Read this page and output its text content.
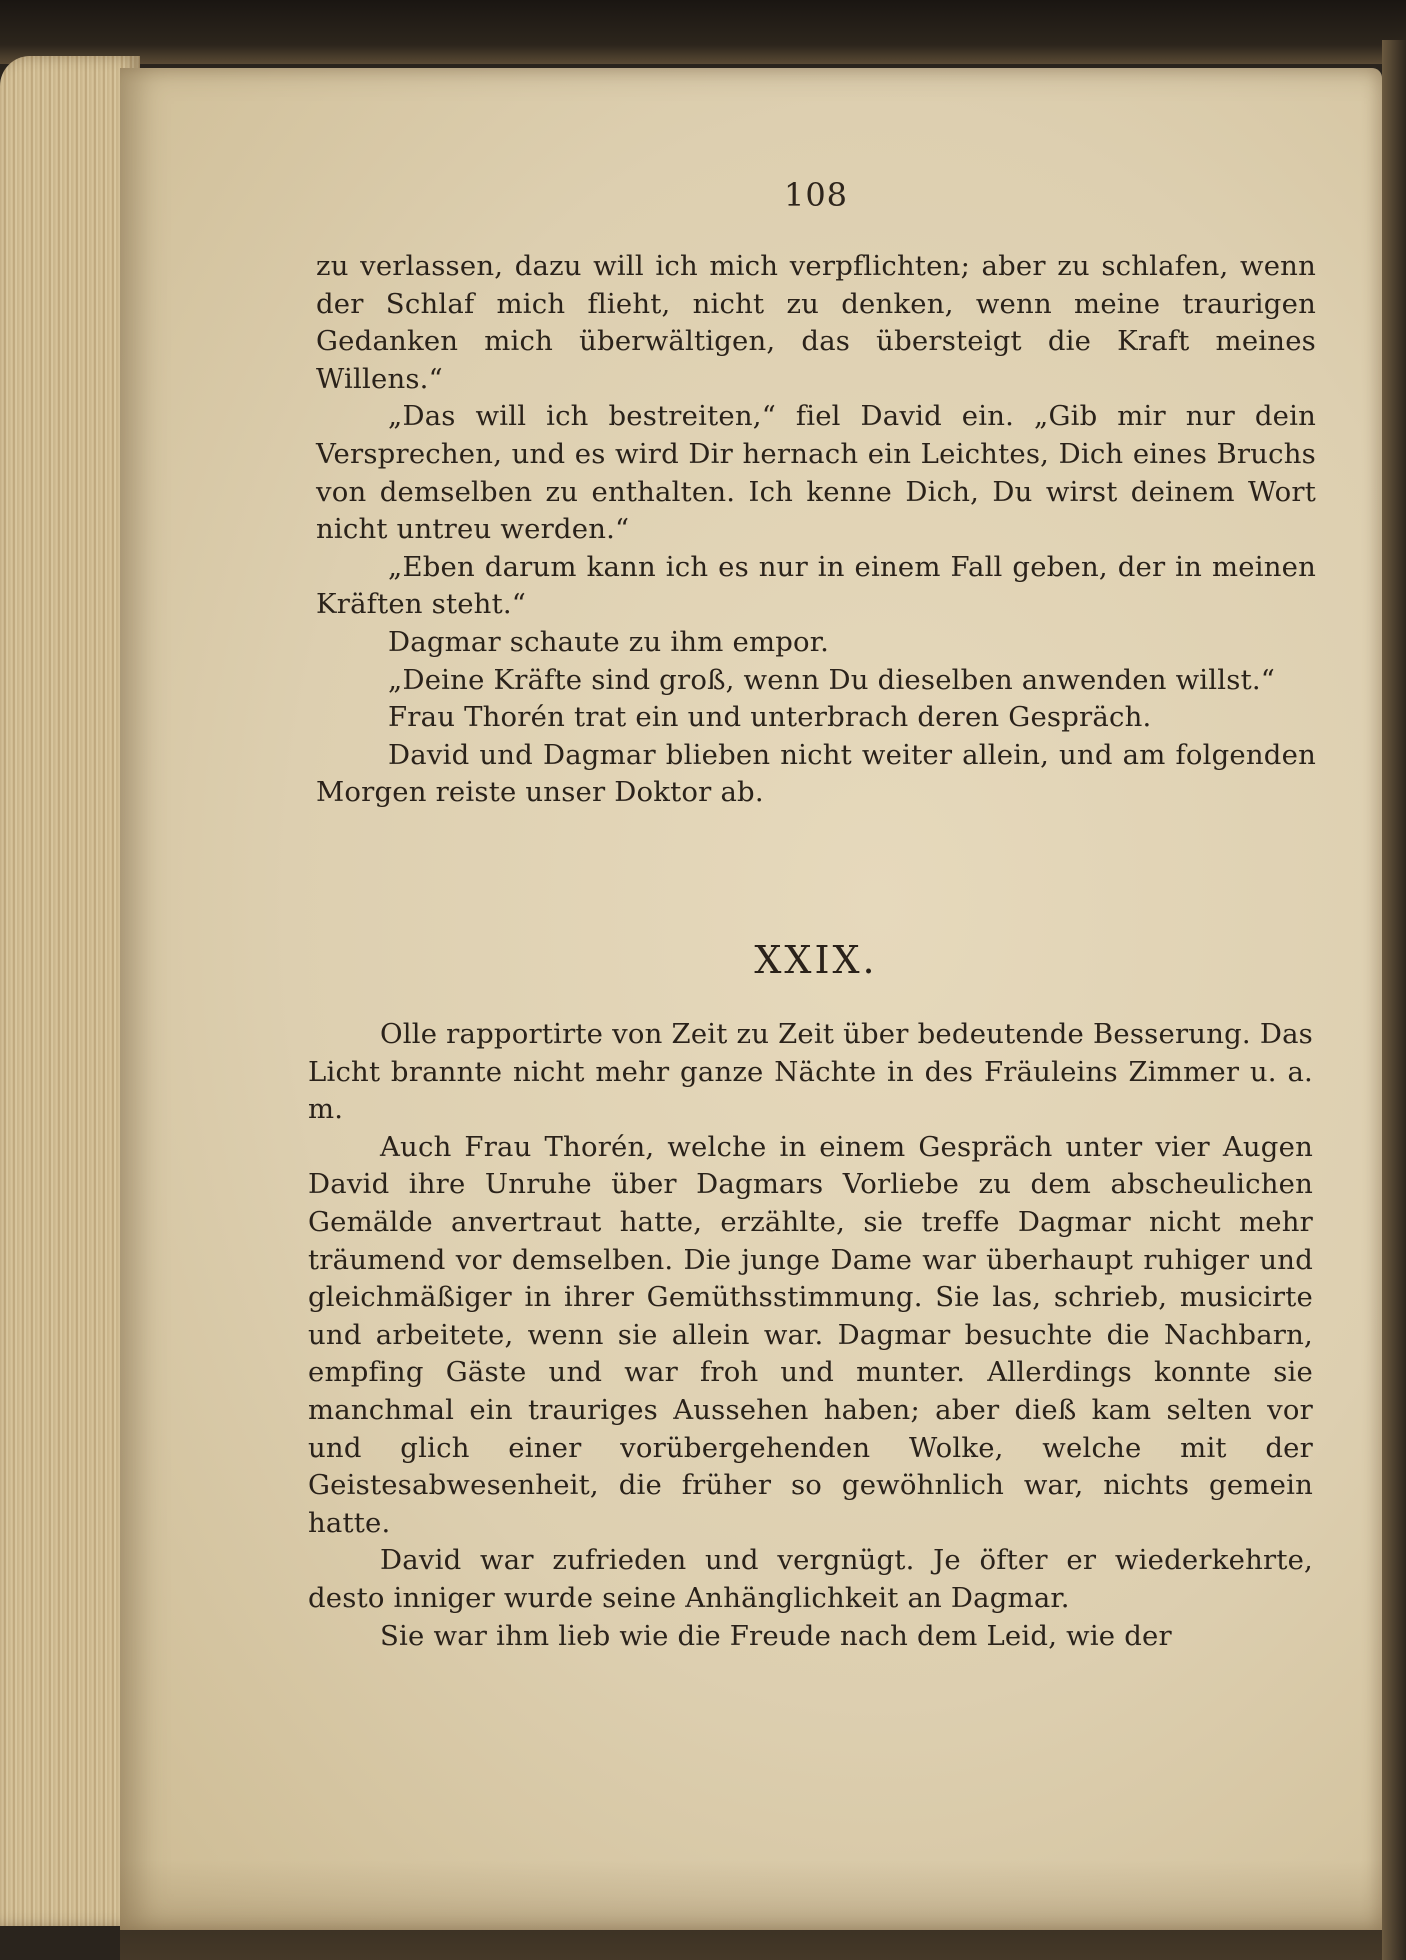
108

zu verlassen, dazu will ich mich verpflichten; aber zu schlafen, wenn der Schlaf mich flieht, nicht zu denken, wenn meine traurigen Gedanken mich überwältigen, das übersteigt die Kraft meines Willens.“

„Das will ich bestreiten,“ fiel David ein. „Gib mir nur dein Versprechen, und es wird Dir hernach ein Leichtes, Dich eines Bruchs von demselben zu enthalten. Ich kenne Dich, Du wirst deinem Wort nicht untreu werden.“

„Eben darum kann ich es nur in einem Fall geben, der in meinen Kräften steht.“

Dagmar schaute zu ihm empor.

„Deine Kräfte sind groß, wenn Du dieselben anwenden willst.“

Frau Thorén trat ein und unterbrach deren Gespräch.

David und Dagmar blieben nicht weiter allein, und am folgenden Morgen reiste unser Doktor ab.

XXIX.

Olle rapportirte von Zeit zu Zeit über bedeutende Besserung. Das Licht brannte nicht mehr ganze Nächte in des Fräuleins Zimmer u. a. m.

Auch Frau Thorén, welche in einem Gespräch unter vier Augen David ihre Unruhe über Dagmars Vorliebe zu dem abscheulichen Gemälde anvertraut hatte, erzählte, sie treffe Dagmar nicht mehr träumend vor demselben. Die junge Dame war überhaupt ruhiger und gleichmäßiger in ihrer Gemüthsstimmung. Sie las, schrieb, musicirte und arbeitete, wenn sie allein war. Dagmar besuchte die Nachbarn, empfing Gäste und war froh und munter. Allerdings konnte sie manchmal ein trauriges Aussehen haben; aber dieß kam selten vor und glich einer vorübergehenden Wolke, welche mit der Geistesabwesenheit, die früher so gewöhnlich war, nichts gemein hatte.

David war zufrieden und vergnügt. Je öfter er wiederkehrte, desto inniger wurde seine Anhänglichkeit an Dagmar.

Sie war ihm lieb wie die Freude nach dem Leid, wie der
